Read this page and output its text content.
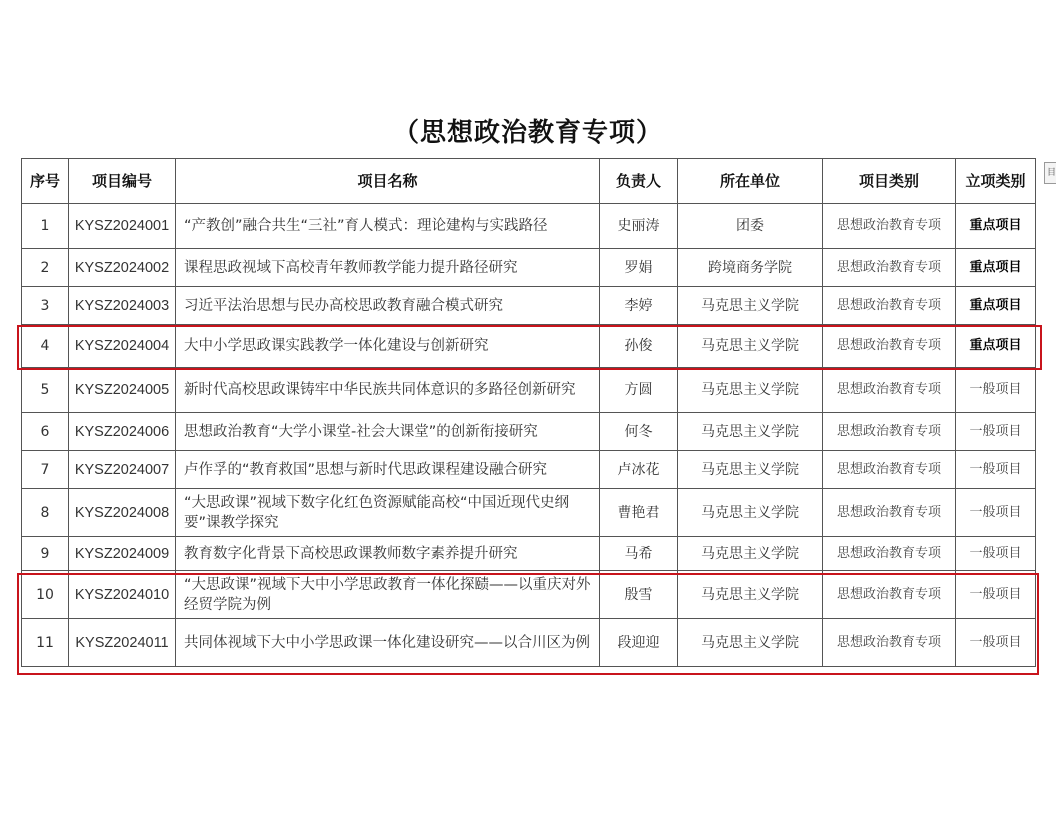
（思想政治教育专项）
序号	项目编号	项目名称	负责人	所在单位	项目类别	立项类别
1	KYSZ2024001	“产教创”融合共生“三社”育人模式：理论建构与实践路径	史丽涛	团委	思想政治教育专项	重点项目
2	KYSZ2024002	课程思政视域下高校青年教师教学能力提升路径研究	罗娟	跨境商务学院	思想政治教育专项	重点项目
3	KYSZ2024003	习近平法治思想与民办高校思政教育融合模式研究	李婷	马克思主义学院	思想政治教育专项	重点项目
4	KYSZ2024004	大中小学思政课实践教学一体化建设与创新研究	孙俊	马克思主义学院	思想政治教育专项	重点项目
5	KYSZ2024005	新时代高校思政课铸牢中华民族共同体意识的多路径创新研究	方圆	马克思主义学院	思想政治教育专项	一般项目
6	KYSZ2024006	思想政治教育“大学小课堂-社会大课堂”的创新衔接研究	何冬	马克思主义学院	思想政治教育专项	一般项目
7	KYSZ2024007	卢作孚的“教育救国”思想与新时代思政课程建设融合研究	卢冰花	马克思主义学院	思想政治教育专项	一般项目
8	KYSZ2024008	“大思政课”视域下数字化红色资源赋能高校“中国近现代史纲要”课教学探究	曹艳君	马克思主义学院	思想政治教育专项	一般项目
9	KYSZ2024009	教育数字化背景下高校思政课教师数字素养提升研究	马希	马克思主义学院	思想政治教育专项	一般项目
10	KYSZ2024010	“大思政课”视域下大中小学思政教育一体化探赜——以重庆对外经贸学院为例	殷雪	马克思主义学院	思想政治教育专项	一般项目
11	KYSZ2024011	共同体视域下大中小学思政课一体化建设研究——以合川区为例	段迎迎	马克思主义学院	思想政治教育专项	一般项目
目
